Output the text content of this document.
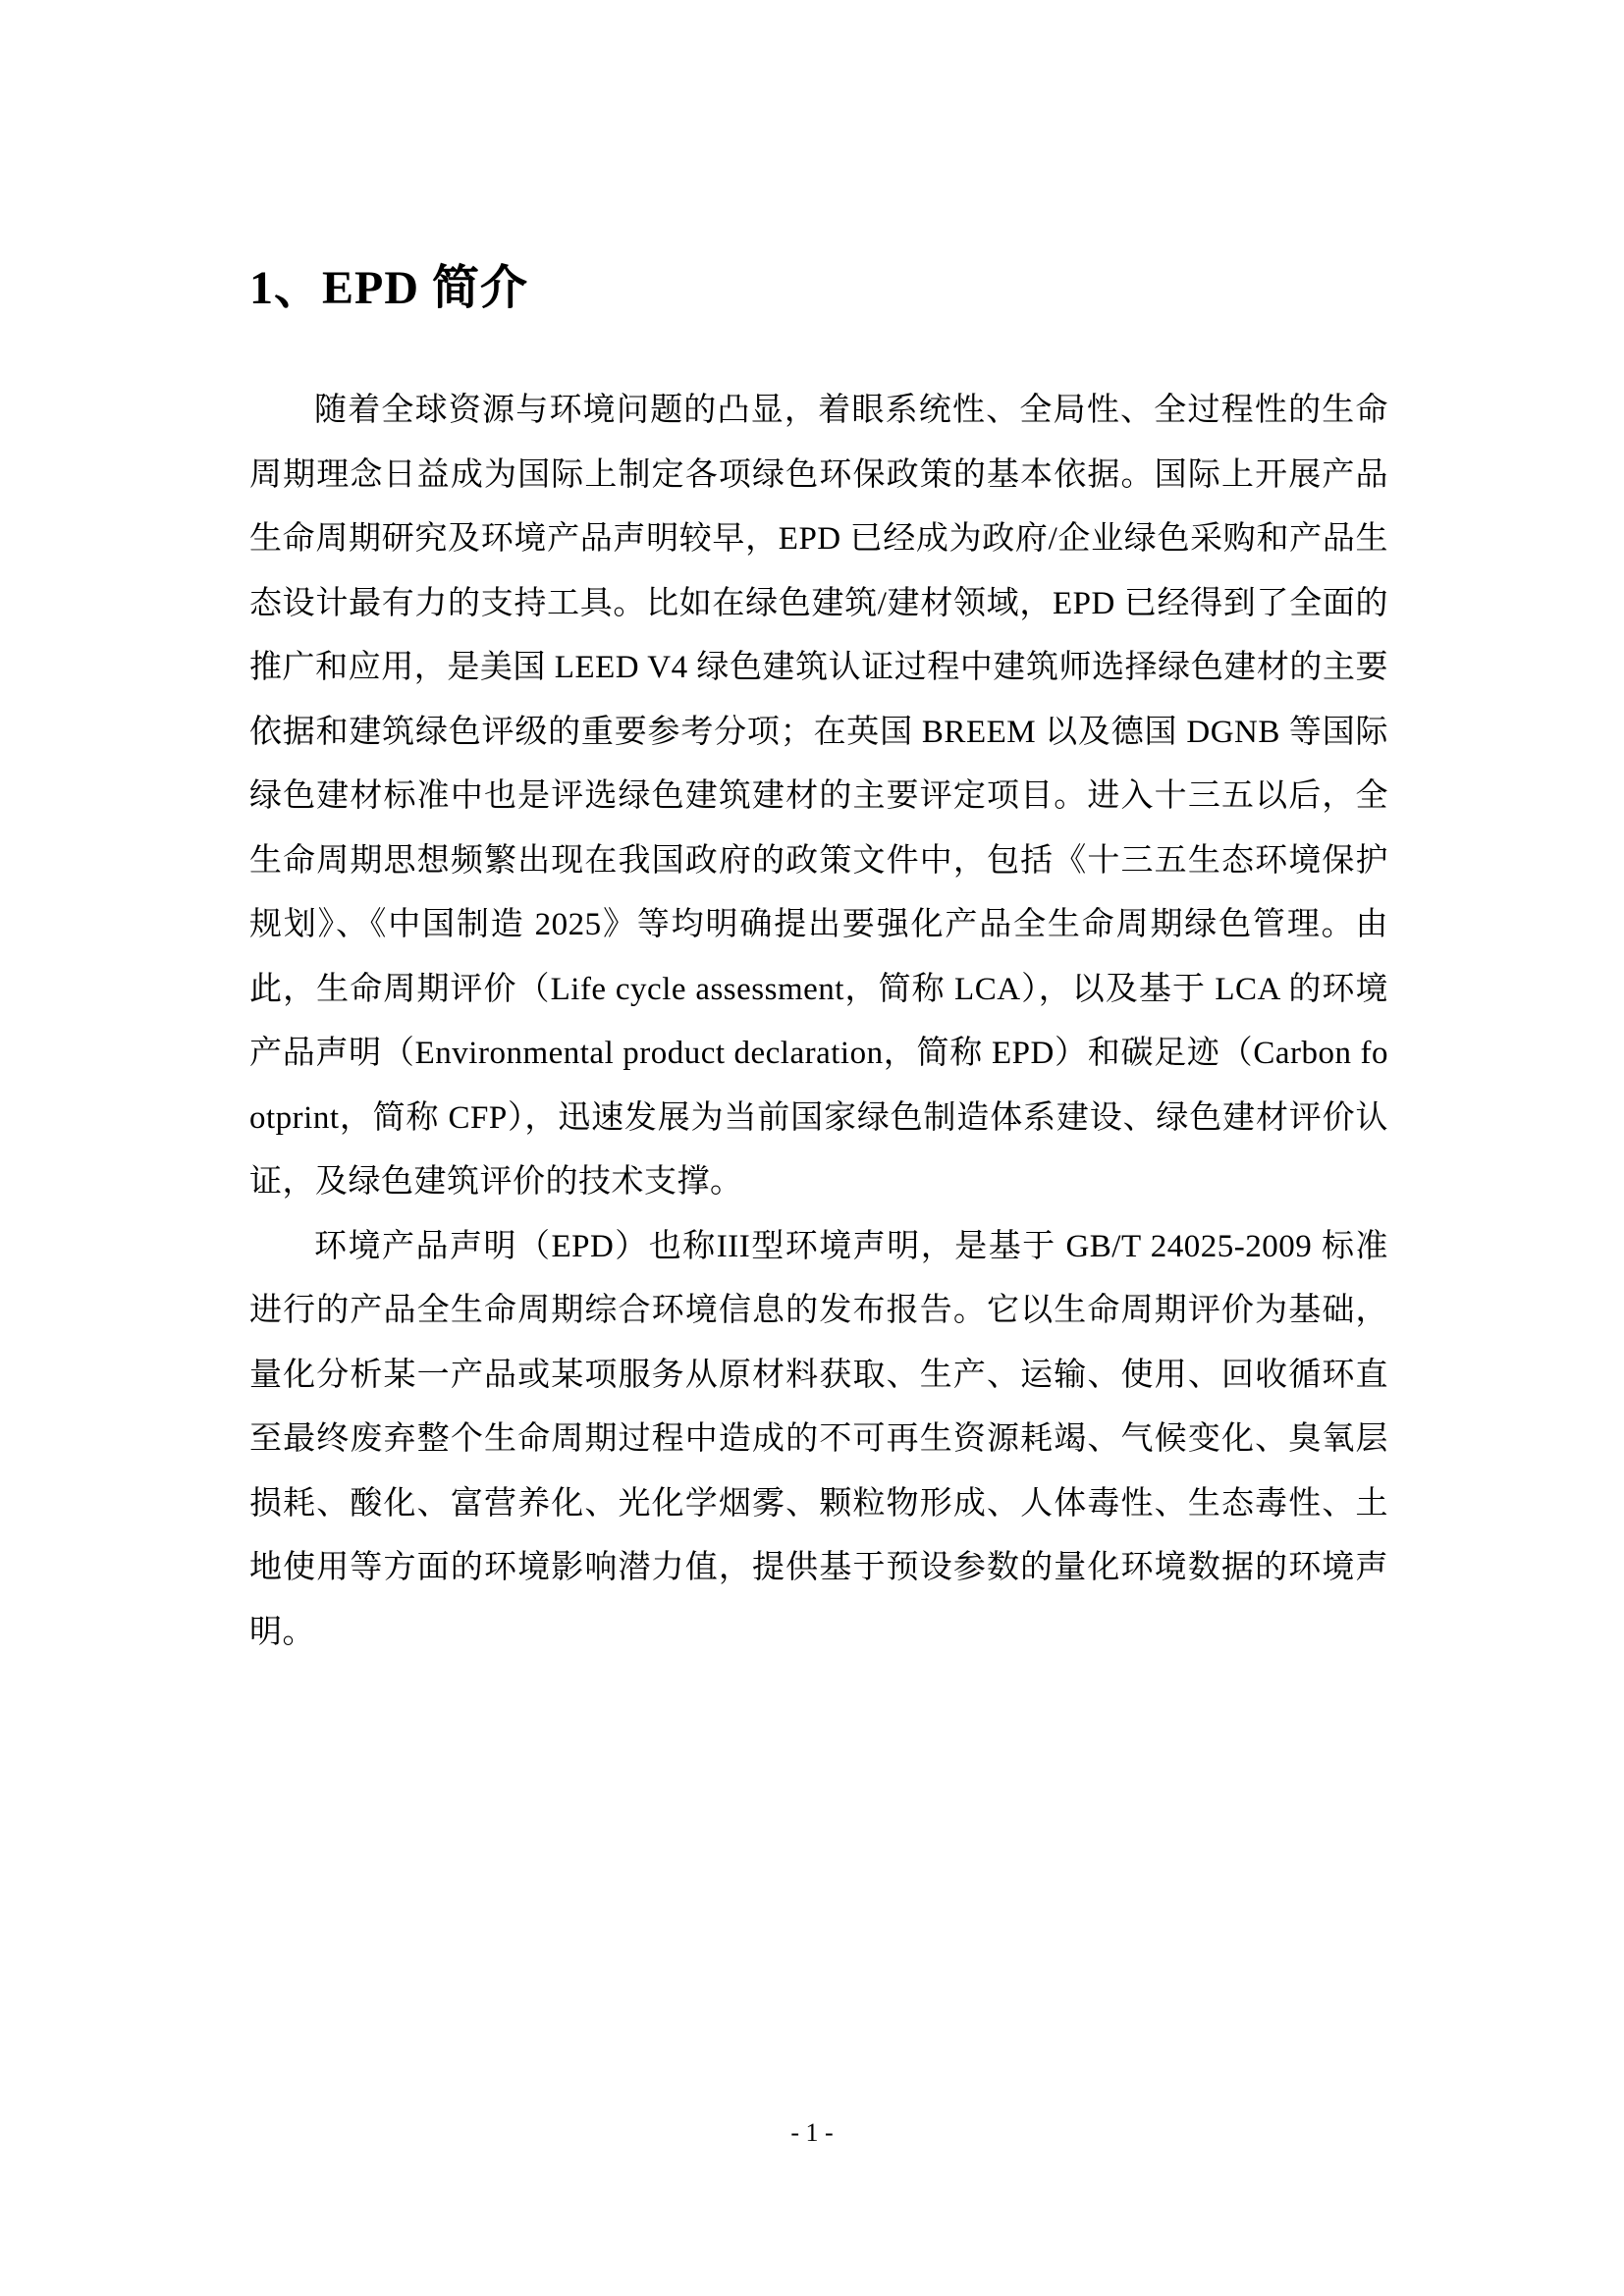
1、EPD 简介

随着全球资源与环境问题的凸显，着眼系统性、全局性、全过程性的生命周期理念日益成为国际上制定各项绿色环保政策的基本依据。国际上开展产品生命周期研究及环境产品声明较早，EPD 已经成为政府/企业绿色采购和产品生态设计最有力的支持工具。比如在绿色建筑/建材领域，EPD 已经得到了全面的推广和应用，是美国 LEED V4 绿色建筑认证过程中建筑师选择绿色建材的主要依据和建筑绿色评级的重要参考分项；在英国 BREEM 以及德国 DGNB 等国际绿色建材标准中也是评选绿色建筑建材的主要评定项目。进入十三五以后，全生命周期思想频繁出现在我国政府的政策文件中，包括《十三五生态环境保护规划》、《中国制造 2025》等均明确提出要强化产品全生命周期绿色管理。由此，生命周期评价（Life cycle assessment，简称 LCA），以及基于 LCA 的环境产品声明（Environmental product declaration，简称 EPD）和碳足迹（Carbon footprint，简称 CFP），迅速发展为当前国家绿色制造体系建设、绿色建材评价认证，及绿色建筑评价的技术支撑。

环境产品声明（EPD）也称III型环境声明，是基于 GB/T 24025-2009 标准进行的产品全生命周期综合环境信息的发布报告。它以生命周期评价为基础，量化分析某一产品或某项服务从原材料获取、生产、运输、使用、回收循环直至最终废弃整个生命周期过程中造成的不可再生资源耗竭、气候变化、臭氧层损耗、酸化、富营养化、光化学烟雾、颗粒物形成、人体毒性、生态毒性、土地使用等方面的环境影响潜力值，提供基于预设参数的量化环境数据的环境声明。

- 1 -
